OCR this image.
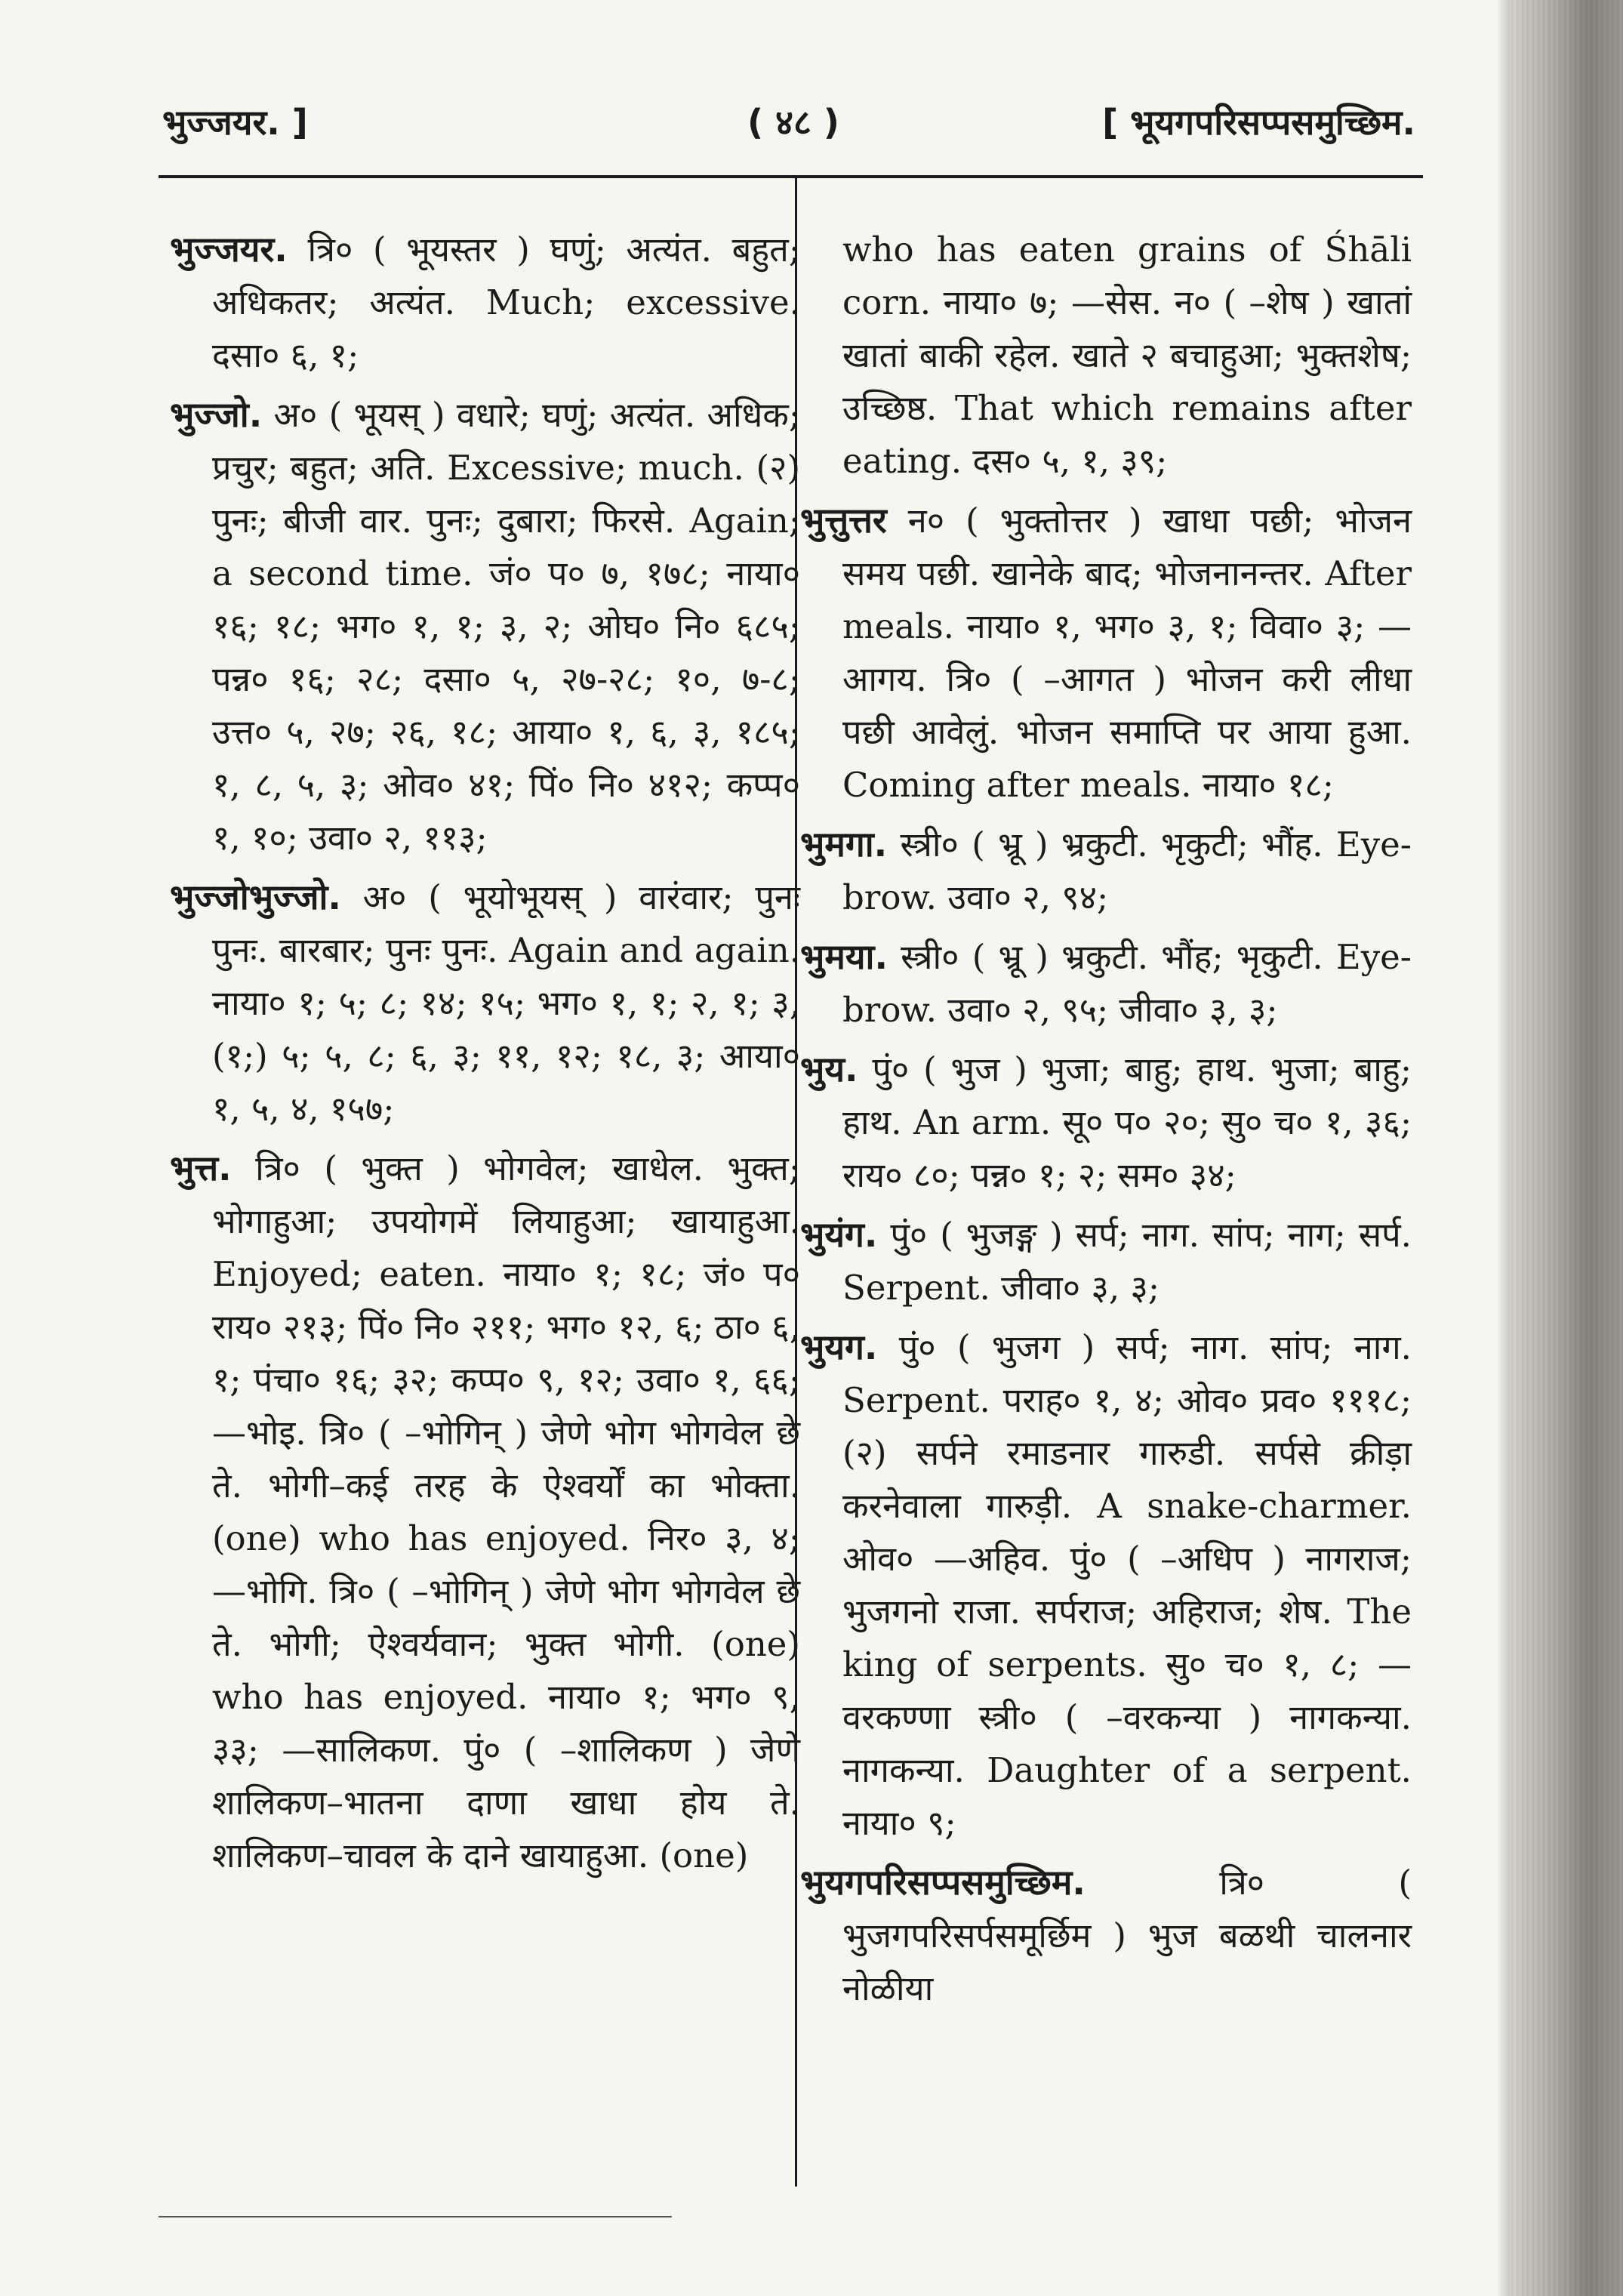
भुज्जयर. ]	( ४८ )	[ भूयगपरिसप्पसमुच्छिम.

भुज्जयर. त्रि० ( भूयस्तर ) घणुं; अत्यंत. बहुत; अधिकतर; अत्यंत. Much; excessive. दसा० ६, १;

भुज्जो. अ० ( भूयस् ) वधारे; घणुं; अत्यंत. अधिक; प्रचुर; बहुत; अति. Excessive; much. (२) पुनः; बीजी वार. पुनः; दुबारा; फिरसे. Again; a second time. जं० प० ७, १७८; नाया० १६; १८; भग० १, १; ३, २; ओघ० नि० ६८५; पन्न० १६; २८; दसा० ५, २७-२८; १०, ७-८; उत्त० ५, २७; २६, १८; आया० १, ६, ३, १८५; १, ८, ५, ३; ओव० ४१; पिं० नि० ४१२; कप्प० १, १०; उवा० २, ११३;

भुज्जोभुज्जो. अ० ( भूयोभूयस् ) वारंवार; पुनः पुनः. बारबार; पुनः पुनः. Again and again. नाया० १; ५; ८; १४; १५; भग० १, १; २, १; ३, (१;) ५; ५, ८; ६, ३; ११, १२; १८, ३; आया० १, ५, ४, १५७;

भुत्त. त्रि० ( भुक्त ) भोगवेल; खाधेल. भुक्त; भोगाहुआ; उपयोगमें लियाहुआ; खायाहुआ. Enjoyed; eaten. नाया० १; १८; जं० प० राय० २१३; पिं० नि० २११; भग० १२, ६; ठा० ६, १; पंचा० १६; ३२; कप्प० ९, १२; उवा० १, ६६; —भोइ. त्रि० ( –भोगिन् ) जेणे भोग भोगवेल छे ते. भोगी–कई तरह के ऐश्वर्यों का भोक्ता. (one) who has enjoyed. निर० ३, ४; —भोगि. त्रि० ( –भोगिन् ) जेणे भोग भोगवेल छे ते. भोगी; ऐश्वर्यवान; भुक्त भोगी. (one) who has enjoyed. नाया० १; भग० ९, ३३; —सालिकण. पुं० ( –शालिकण ) जेणे शालिकण–भातना दाणा खाधा होय ते. शालिकण–चावल के दाने खायाहुआ. (one)

who has eaten grains of Śhāli corn. नाया० ७; —सेस. न० ( –शेष ) खातां खातां बाकी रहेल. खाते २ बचाहुआ; भुक्तशेष; उच्छिष्ठ. That which remains after eating. दस० ५, १, ३९;

भुत्तुत्तर न० ( भुक्तोत्तर ) खाधा पछी; भोजन समय पछी. खानेके बाद; भोजनानन्तर. After meals. नाया० १, भग० ३, १; विवा० ३; —आगय. त्रि० ( –आगत ) भोजन करी लीधा पछी आवेलुं. भोजन समाप्ति पर आया हुआ. Coming after meals. नाया० १८;

भुमगा. स्त्री० ( भ्रू ) भ्रकुटी. भृकुटी; भौंह. Eye-brow. उवा० २, ९४;

भुमया. स्त्री० ( भ्रू ) भ्रकुटी. भौंह; भृकुटी. Eye-brow. उवा० २, ९५; जीवा० ३, ३;

भुय. पुं० ( भुज ) भुजा; बाहु; हाथ. भुजा; बाहु; हाथ. An arm. सू० प० २०; सु० च० १, ३६; राय० ८०; पन्न० १; २; सम० ३४;

भुयंग. पुं० ( भुजङ्ग ) सर्प; नाग. सांप; नाग; सर्प. Serpent. जीवा० ३, ३;

भुयग. पुं० ( भुजग ) सर्प; नाग. सांप; नाग. Serpent. पराह० १, ४; ओव० प्रव० १११८; (२) सर्पने रमाडनार गारुडी. सर्पसे क्रीड़ा करनेवाला गारुड़ी. A snake-charmer. ओव० —अहिव. पुं० ( –अधिप ) नागराज; भुजगनो राजा. सर्पराज; अहिराज; शेष. The king of serpents. सु० च० १, ८; —वरकण्णा स्त्री० ( –वरकन्या ) नागकन्या. नागकन्या. Daughter of a serpent. नाया० ९;

भुयगपरिसप्पसमुच्छिम.	त्रि० ( भुजगपरिसर्पसमूर्छिम ) भुज बळथी चालनार नोळीया
